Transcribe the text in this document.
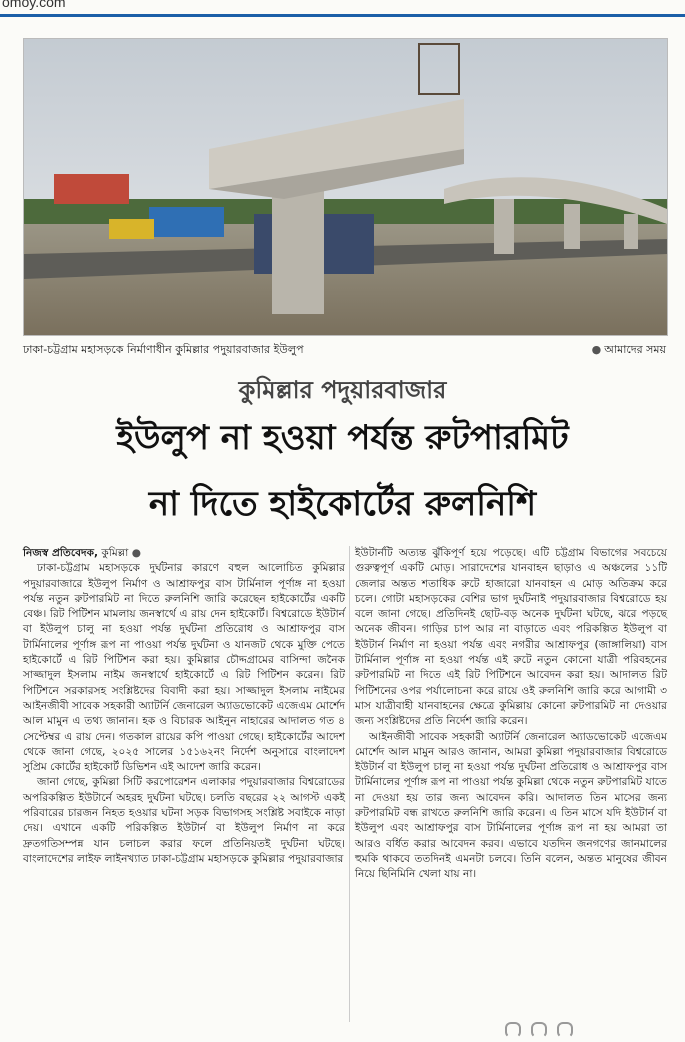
omoy.com
ঢাকা-চট্টগ্রাম মহাসড়কে নির্মাণাধীন কুমিল্লার পদুয়ারবাজার ইউলুপ	● আমাদের সময়
কুমিল্লার পদুয়ারবাজার
ইউলুপ না হওয়া পর্যন্ত রুটপারমিট
না দিতে হাইকোর্টের রুলনিশি

নিজস্ব প্রতিবেদক, কুমিল্লা ●

ঢাকা-চট্টগ্রাম মহাসড়কে দুর্ঘটনার কারণে বহুল আলোচিত কুমিল্লার পদুয়ারবাজারে ইউলুপ নির্মাণ ও আশ্রাফপুর বাস টার্মিনাল পূর্ণাঙ্গ না হওয়া পর্যন্ত নতুন রুটপারমিট না দিতে রুলনিশি জারি করেছেন হাইকোর্টের একটি বেঞ্চ। রিট পিটিশন মামলায় জনস্বার্থে এ রায় দেন হাইকোর্ট। বিশ্বরোডে ইউটার্ন বা ইউলুপ চালু না হওয়া পর্যন্ত দুর্ঘটনা প্রতিরোধ ও আশ্রাফপুর বাস টার্মিনালের পূর্ণাঙ্গ রূপ না পাওয়া পর্যন্ত দুর্ঘটনা ও যানজট থেকে মুক্তি পেতে হাইকোর্টে এ রিট পিটিশন করা হয়। কুমিল্লার চৌদ্দগ্রামের বাসিন্দা জনৈক সাজ্জাদুল ইসলাম নাইম জনস্বার্থে হাইকোর্টে এ রিট পিটিশন করেন। রিট পিটিশনে সরকারসহ সংশ্লিষ্টদের বিবাদী করা হয়। সাজ্জাদুল ইসলাম নাইমের আইনজীবী সাবেক সহকারী অ্যাটর্নি জেনারেল অ্যাডভোকেট এজেএম মোর্শেদ আল মামুন এ তথ্য জানান। হক ও বিচারক আইনুন নাহারের আদালত গত ৪ সেপ্টেম্বর এ রায় দেন। গতকাল রায়ের কপি পাওয়া গেছে। হাইকোর্টের আদেশ থেকে জানা গেছে, ২০২৫ সালের ১৫১৬২নং নির্দেশ অনুসারে বাংলাদেশ সুপ্রিম কোর্টের হাইকোর্ট ডিভিশন এই আদেশ জারি করেন।

জানা গেছে, কুমিল্লা সিটি করপোরেশন এলাকার পদুয়ারবাজার বিশ্বরোডের অপরিকল্পিত ইউটার্নে অহরহ দুর্ঘটনা ঘটছে। চলতি বছরের ২২ আগস্ট একই পরিবারের চারজন নিহত হওয়ার ঘটনা সড়ক বিভাগসহ সংশ্লিষ্ট সবাইকে নাড়া দেয়। এখানে একটি পরিকল্পিত ইউটার্ন বা ইউলুপ নির্মাণ না করে দ্রুতগতিসম্পন্ন যান চলাচল করার ফলে প্রতিনিয়তই দুর্ঘটনা ঘটছে। বাংলাদেশের লাইফ লাইনখ্যাত ঢাকা-চট্টগ্রাম মহাসড়কে কুমিল্লার পদুয়ারবাজার

ইউটার্নটি অত্যন্ত ঝুঁকিপূর্ণ হয়ে পড়েছে। এটি চট্টগ্রাম বিভাগের সবচেয়ে গুরুত্বপূর্ণ একটি মোড়। সারাদেশের যানবাহন ছাড়াও এ অঞ্চলের ১১টি জেলার অন্তত শতাধিক রুটে হাজারো যানবাহন এ মোড় অতিক্রম করে চলে। গোটা মহাসড়কের বেশির ভাগ দুর্ঘটনাই পদুয়ারবাজার বিশ্বরোডে হয় বলে জানা গেছে। প্রতিদিনই ছোট-বড় অনেক দুর্ঘটনা ঘটছে, ঝরে পড়ছে অনেক জীবন। গাড়ির চাপ আর না বাড়াতে এবং পরিকল্পিত ইউলুপ বা ইউটার্ন নির্মাণ না হওয়া পর্যন্ত এবং নগরীর আশ্রাফপুর (জাঙ্গালিয়া) বাস টার্মিনাল পূর্ণাঙ্গ না হওয়া পর্যন্ত এই রুটে নতুন কোনো যাত্রী পরিবহনের রুটপারমিট না দিতে এই রিট পিটিশনে আবেদন করা হয়। আদালত রিট পিটিশনের ওপর পর্যালোচনা করে রায়ে ওই রুলনিশি জারি করে আগামী ৩ মাস যাত্রীবাহী যানবাহনের ক্ষেত্রে কুমিল্লায় কোনো রুটপারমিট না দেওয়ার জন্য সংশ্লিষ্টদের প্রতি নির্দেশ জারি করেন।

আইনজীবী সাবেক সহকারী অ্যাটর্নি জেনারেল অ্যাডভোকেট এজেএম মোর্শেদ আল মামুন আরও জানান, আমরা কুমিল্লা পদুয়ারবাজার বিশ্বরোডে ইউটার্ন বা ইউলুপ চালু না হওয়া পর্যন্ত দুর্ঘটনা প্রতিরোধ ও আশ্রাফপুর বাস টার্মিনালের পূর্ণাঙ্গ রূপ না পাওয়া পর্যন্ত কুমিল্লা থেকে নতুন রুটপারমিট যাতে না দেওয়া হয় তার জন্য আবেদন করি। আদালত তিন মাসের জন্য রুটপারমিট বন্ধ রাখতে রুলনিশি জারি করেন। এ তিন মাসে যদি ইউটার্ন বা ইউলুপ এবং আশ্রাফপুর বাস টার্মিনালের পূর্ণাঙ্গ রূপ না হয় আমরা তা আরও বর্ধিত করার আবেদন করব। এভাবে যতদিন জনগণের জানমালের হুমকি থাকবে ততদিনই এমনটা চলবে। তিনি বলেন, অন্তত মানুষের জীবন নিয়ে ছিনিমিনি খেলা যায় না।
